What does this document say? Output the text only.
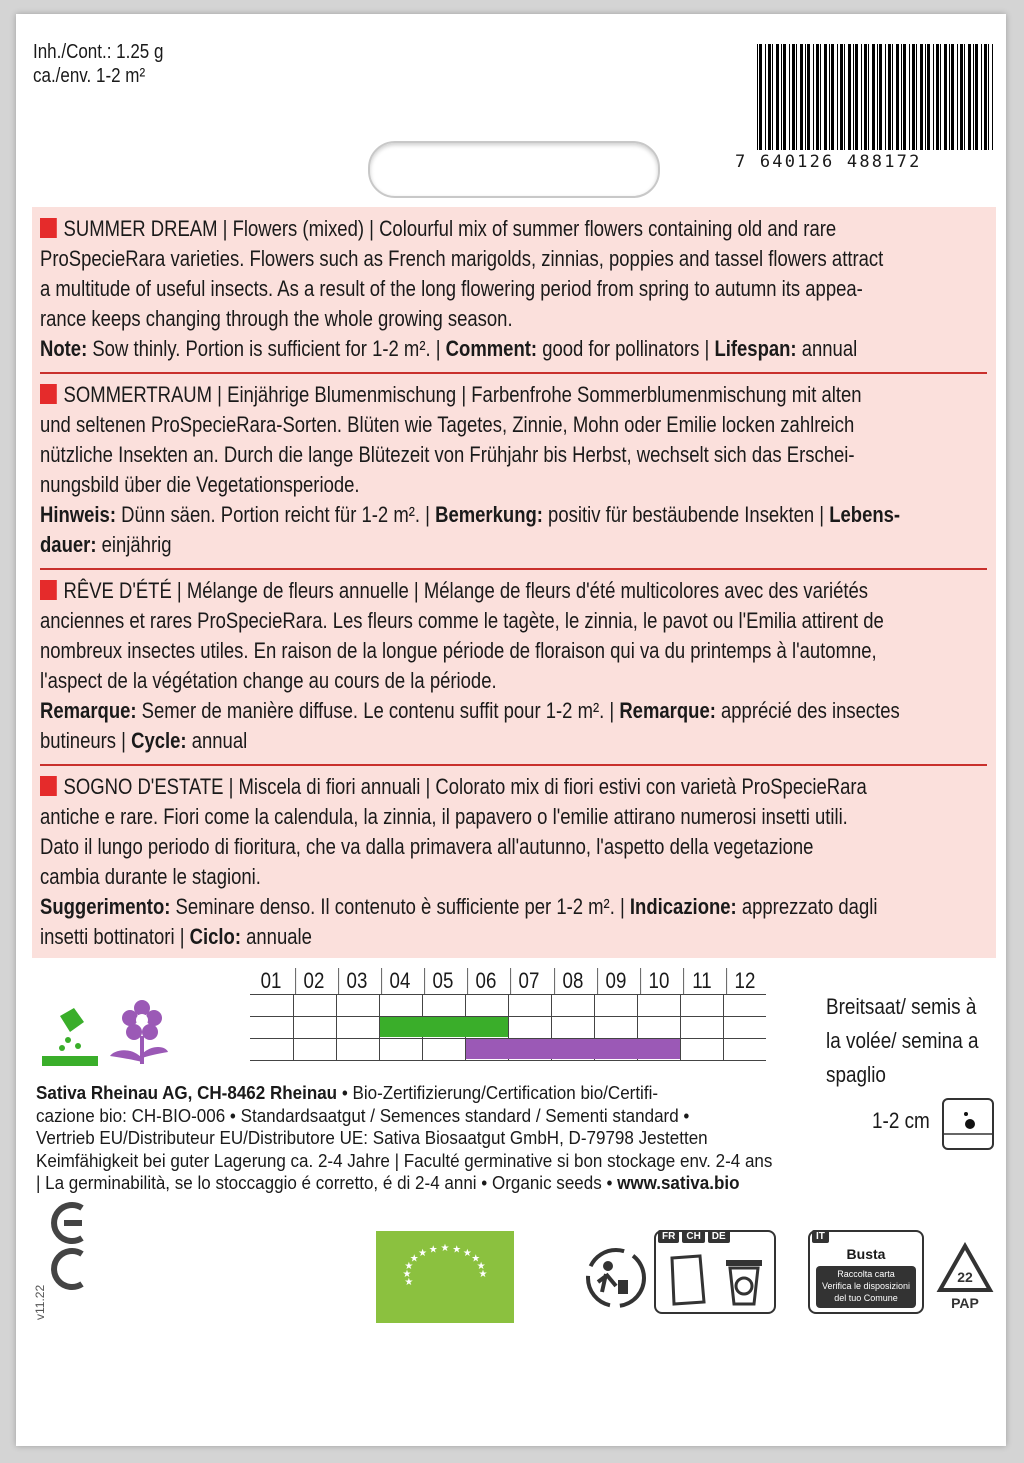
Inh./Cont.: 1.25 g
ca./env. 1-2 m²
7 640126 488172
01	02	03	04	05	06	07	08	09	10	11	12
Breitsaat/ semis à
la volée/ semina a
spaglio
1-2 cm

Sativa Rheinau AG, CH-8462 Rheinau • Bio-Zertifizierung/Certification bio/Certifi-

cazione bio: CH-BIO-006 • Standardsaatgut / Semences standard / Sementi standard •

Vertrieb EU/Distributeur EU/Distributore UE: Sativa Biosaatgut GmbH, D-79798 Jestetten

Keimfähigkeit bei guter Lagerung ca. 2-4 Jahre | Faculté germinative si bon stockage env. 2-4 ans

| La germinabilità, se lo stoccaggio é corretto, é di 2-4 anni • Organic seeds • www.sativa.bio

v11.22
★
★
★
★
★ ★ ★ ★ ★
★
★
★
FR	CH	DE	IT
Busta
Raccolta carta
Verifica le disposizioni
del tuo Comune
22
PAP

SUMMER DREAM | Flowers (mixed) | Colourful mix of summer flowers containing old and rare

ProSpecieRara varieties. Flowers such as French marigolds, zinnias, poppies and tassel flowers attract

a multitude of useful insects. As a result of the long flowering period from spring to autumn its appea-

rance keeps changing through the whole growing season.

Note: Sow thinly. Portion is sufficient for 1-2 m². | Comment: good for pollinators | Lifespan: annual

SOMMERTRAUM | Einjährige Blumenmischung | Farbenfrohe Sommerblumenmischung mit alten

und seltenen ProSpecieRara-Sorten. Blüten wie Tagetes, Zinnie, Mohn oder Emilie locken zahlreich

nützliche Insekten an. Durch die lange Blütezeit von Frühjahr bis Herbst, wechselt sich das Erschei-

nungsbild über die Vegetationsperiode.

Hinweis: Dünn säen. Portion reicht für 1-2 m². | Bemerkung: positiv für bestäubende Insekten | Lebens-

dauer: einjährig

RÊVE D'ÉTÉ | Mélange de fleurs annuelle | Mélange de fleurs d'été multicolores avec des variétés

anciennes et rares ProSpecieRara. Les fleurs comme le tagète, le zinnia, le pavot ou l'Emilia attirent de

nombreux insectes utiles. En raison de la longue période de floraison qui va du printemps à l'automne,

l'aspect de la végétation change au cours de la période.

Remarque: Semer de manière diffuse. Le contenu suffit pour 1-2 m². | Remarque: apprécié des insectes

butineurs | Cycle: annual

SOGNO D'ESTATE | Miscela di fiori annuali | Colorato mix di fiori estivi con varietà ProSpecieRara

antiche e rare. Fiori come la calendula, la zinnia, il papavero o l'emilie attirano numerosi insetti utili.

Dato il lungo periodo di fioritura, che va dalla primavera all'autunno, l'aspetto della vegetazione

cambia durante le stagioni.

Suggerimento: Seminare denso. Il contenuto è sufficiente per 1-2 m². | Indicazione: apprezzato dagli

insetti bottinatori | Ciclo: annuale
